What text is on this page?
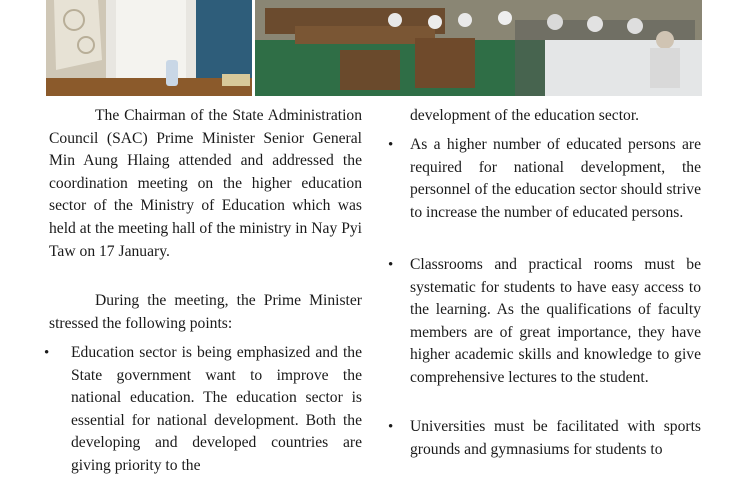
The Chairman of the State Administration Council (SAC) Prime Minister Senior General Min Aung Hlaing attended and addressed the coordination meeting on the higher education sector of the Ministry of Education which was held at the meeting hall of the ministry in Nay Pyi Taw on 17 January.

During the meeting, the Prime Minister stressed the following points:

•	Education sector is being emphasized and the State government want to improve the national education. The education sector is essential for national development. Both the developing and developed countries are giving priority to the

development of the education sector.

•	As a higher number of educated persons are required for national development, the personnel of the education sector should strive to increase the number of educated persons.
•	Classrooms and practical rooms must be systematic for students to have easy access to the learning. As the qualifications of faculty members are of great importance, they have higher academic skills and knowledge to give comprehensive lectures to the student.
•	Universities must be facilitated with sports grounds and gymnasiums for students to
